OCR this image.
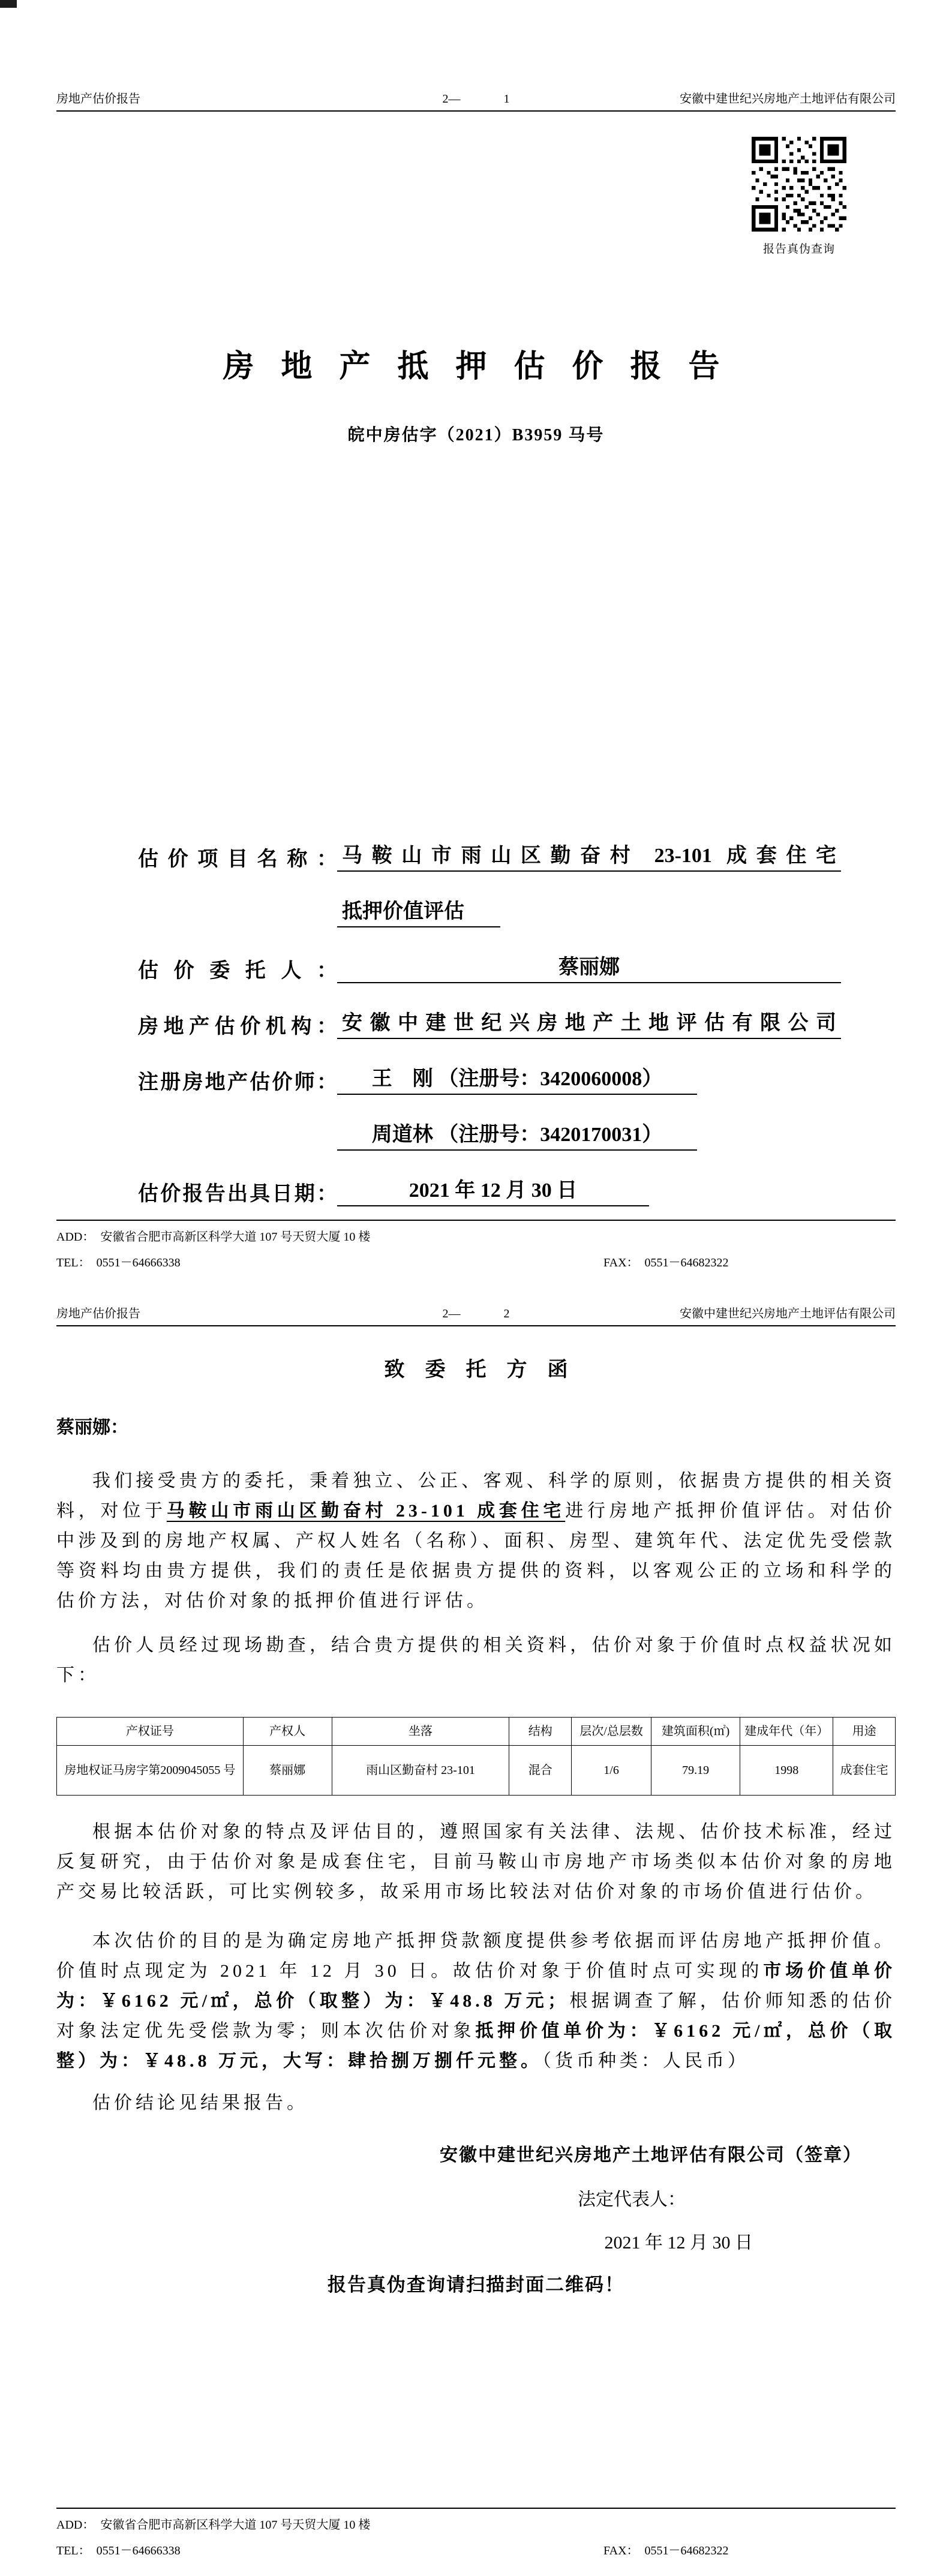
房地产估价报告	2—	1	安徽中建世纪兴房地产土地评估有限公司
报告真伪查询
房 地 产 抵 押 估 价 报 告
皖中房估字（2021）B3959 马号
估价项目名称： 马鞍山市雨山区勤奋村 23-101 成套住宅
抵押价值评估
估价委托人：	蔡丽娜
房地产估价机构： 安徽中建世纪兴房地产土地评估有限公司
注册房地产估价师：	王　刚 （注册号：3420060008）
周道林 （注册号：3420170031）
估价报告出具日期：	2021 年 12 月 30 日
ADD：　安徽省合肥市高新区科学大道 107 号天贸大厦 10 楼
TEL：　0551－64666338	FAX：　0551－64682322
房地产估价报告	2—	2	安徽中建世纪兴房地产土地评估有限公司
致　委　托　方　函
蔡丽娜：

我们接受贵方的委托，秉着独立、公正、客观、科学的原则，依据贵方提供的相关资料，对位于马鞍山市雨山区勤奋村 23-101 成套住宅进行房地产抵押价值评估。对估价中涉及到的房地产权属、产权人姓名（名称）、面积、房型、建筑年代、法定优先受偿款等资料均由贵方提供，我们的责任是依据贵方提供的资料，以客观公正的立场和科学的估价方法，对估价对象的抵押价值进行评估。

估价人员经过现场勘查，结合贵方提供的相关资料，估价对象于价值时点权益状况如下：

产权证号	产权人	坐落	结构	层次/总层数	建筑面积(㎡)	建成年代（年）	用途
房地权证马房字第2009045055 号	蔡丽娜	雨山区勤奋村 23-101	混合	1/6	79.19	1998	成套住宅

根据本估价对象的特点及评估目的，遵照国家有关法律、法规、估价技术标准，经过反复研究，由于估价对象是成套住宅，目前马鞍山市房地产市场类似本估价对象的房地产交易比较活跃，可比实例较多，故采用市场比较法对估价对象的市场价值进行估价。

本次估价的目的是为确定房地产抵押贷款额度提供参考依据而评估房地产抵押价值。价值时点现定为 2021 年 12 月 30 日。故估价对象于价值时点可实现的市场价值单价为：￥6162 元/㎡，总价（取整）为：￥48.8 万元；根据调查了解，估价师知悉的估价对象法定优先受偿款为零；则本次估价对象抵押价值单价为：￥6162 元/㎡，总价（取整）为：￥48.8 万元，大写：肆拾捌万捌仟元整。（货币种类：人民币）

估价结论见结果报告。

安徽中建世纪兴房地产土地评估有限公司（签章）
法定代表人：
2021 年 12 月 30 日
报告真伪查询请扫描封面二维码！
ADD：　安徽省合肥市高新区科学大道 107 号天贸大厦 10 楼
TEL：　0551－64666338	FAX：　0551－64682322
